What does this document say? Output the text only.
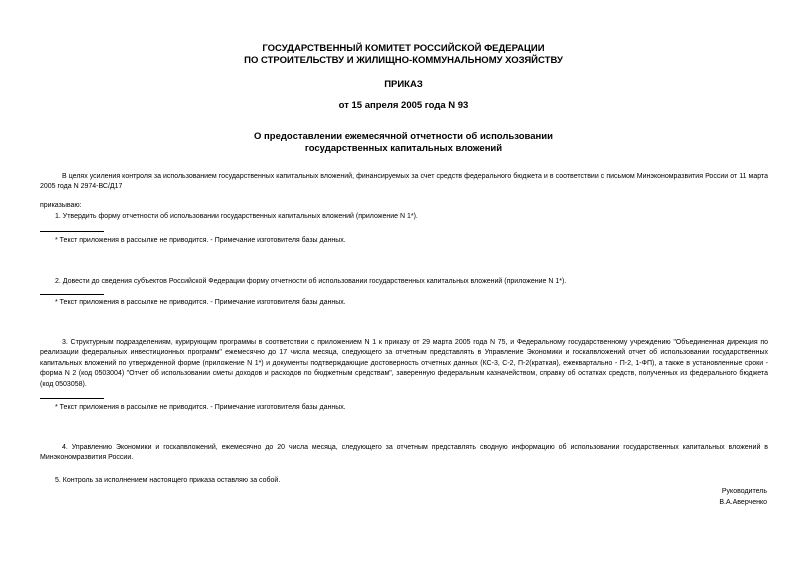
ГОСУДАРСТВЕННЫЙ КОМИТЕТ РОССИЙСКОЙ ФЕДЕРАЦИИ
ПО СТРОИТЕЛЬСТВУ И ЖИЛИЩНО-КОММУНАЛЬНОМУ ХОЗЯЙСТВУ
ПРИКАЗ
от 15 апреля 2005 года N 93
О предоставлении ежемесячной отчетности об использовании
государственных капитальных вложений

В целях усиления контроля за использованием государственных капитальных вложений, финансируемых за счет средств федерального бюджета и в соответствии с письмом Минэкономразвития России от 11 марта 2005 года N 2974-ВС/Д17

приказываю:
1. Утвердить форму отчетности об использовании государственных капитальных вложений (приложение N 1*).
* Текст приложения в рассылке не приводится. - Примечание изготовителя базы данных.
2. Довести до сведения субъектов Российской Федерации форму отчетности об использовании государственных капитальных вложений (приложение N 1*).
* Текст приложения в рассылке не приводится. - Примечание изготовителя базы данных.

3. Структурным подразделениям, курирующим программы в соответствии с приложением N 1 к приказу от 29 марта 2005 года N 75, и Федеральному государственному учреждению "Объединенная дирекция по реализации федеральных инвестиционных программ" ежемесячно до 17 числа месяца, следующего за отчетным представлять в Управление Экономики и госкапвложений отчет об использовании государственных капитальных вложений по утвержденной форме (приложение N 1*) и документы подтверждающие достоверность отчетных данных (КС-3, С-2, П-2(краткая), ежеквартально - П-2, 1-ФП), а также в установленные сроки - форма N 2 (код 0503004) "Отчет об использовании сметы доходов и расходов по бюджетным средствам", заверенную федеральным казначейством, справку об остатках средств, полученных из федерального бюджета (код 0503058).

* Текст приложения в рассылке не приводится. - Примечание изготовителя базы данных.

4. Управлению Экономики и госкапвложений, ежемесячно до 20 числа месяца, следующего за отчетным представлять сводную информацию об использовании государственных капитальных вложений в Минэкономразвития России.

5. Контроль за исполнением настоящего приказа оставляю за собой.
Руководитель
В.А.Аверченко
